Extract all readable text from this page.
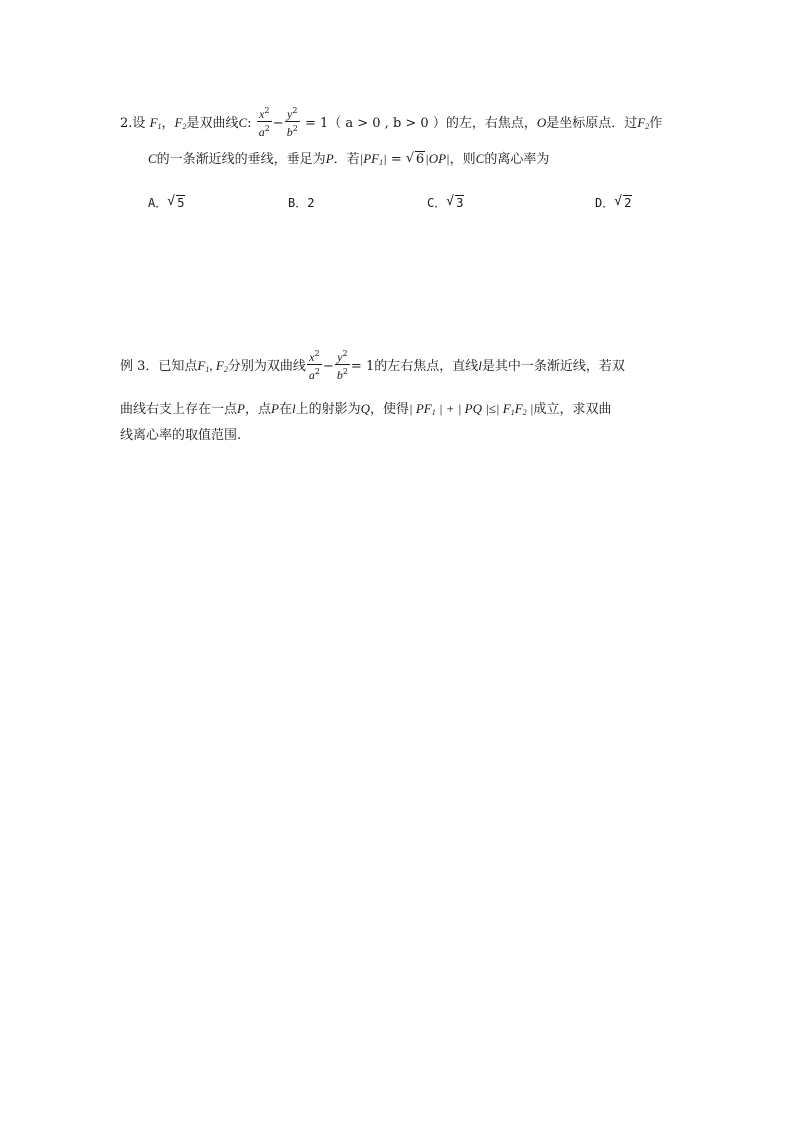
2.设 $F_1$，$F_2$是双曲线C: $\frac{x^2}{a^2} - \frac{y^2}{b^2} = 1$（ a > 0 , b > 0 ）的左，右焦点，O是坐标原点．过$F_2$作
C的一条渐近线的垂线，垂足为P．若$|PF_1|$ = √ 6|OP|，则C的离心率为
A． √ 5	B．2	C． √ 3	D． √ 2
例 3．已知点$F_1$, $F_2$分别为双曲线 $\frac{x^2}{a^2} - \frac{y^2}{b^2} = 1$的左右焦点，直线l是其中一条渐近线，若双
曲线右支上存在一点P，点P在l上的射影为Q，使得| $PF_1$ | + | PQ |≤| $F_1F_2$ |成立，求双曲
线离心率的取值范围.
